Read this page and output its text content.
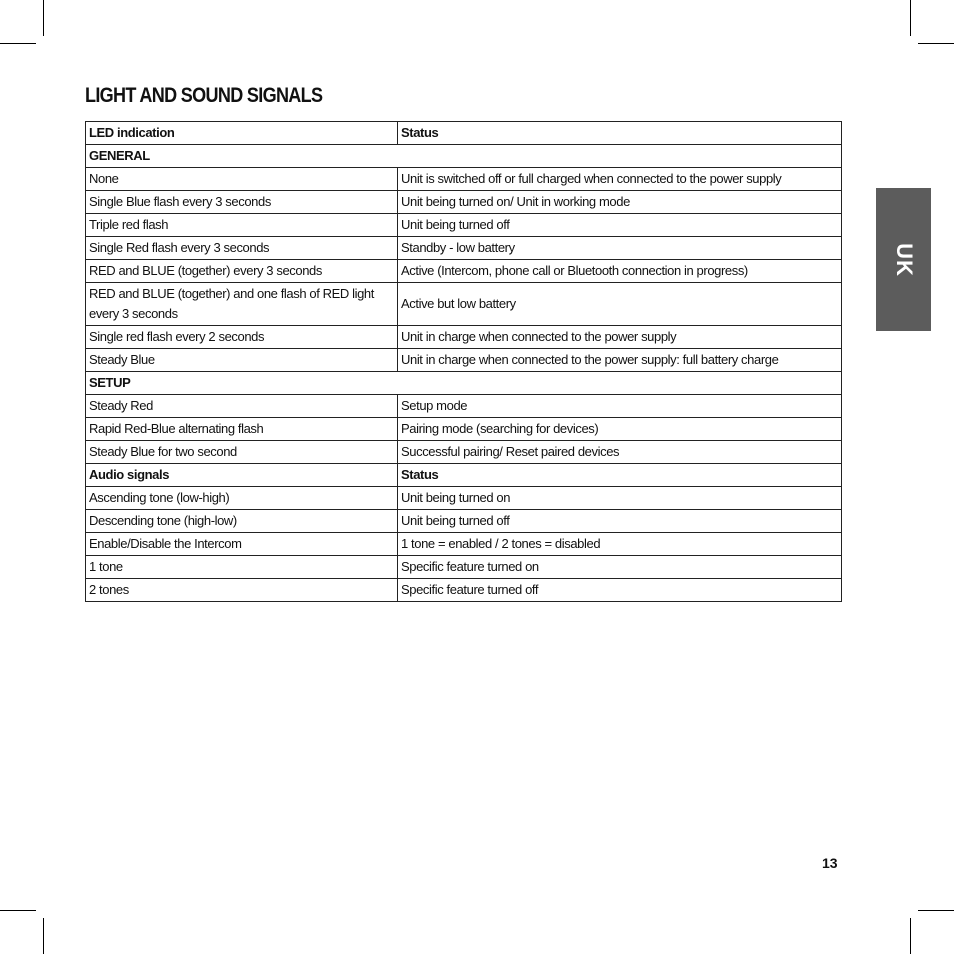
LIGHT AND SOUND SIGNALS
LED indication	Status
GENERAL	
None	Unit is switched off or full charged when connected to the power supply
Single Blue flash every 3 seconds	Unit being turned on/ Unit in working mode
Triple red flash	Unit being turned off
Single Red flash every 3 seconds	Standby - low battery
RED and BLUE (together) every 3 seconds	Active (Intercom, phone call or Bluetooth connection in progress)
RED and BLUE (together) and one flash of RED light every 3 seconds	Active but low battery
Single red flash every 2 seconds	Unit in charge when connected to the power supply
Steady Blue	Unit in charge when connected to the power supply: full battery charge
SETUP	
Steady Red	Setup mode
Rapid Red-Blue alternating flash	Pairing mode (searching for devices)
Steady Blue for two second	Successful pairing/ Reset paired devices
Audio signals	Status
Ascending tone (low-high)	Unit being turned on
Descending tone (high-low)	Unit being turned off
Enable/Disable the Intercom	1 tone = enabled / 2 tones = disabled
1 tone	Specific feature turned on
2 tones	Specific feature turned off
UK
13
